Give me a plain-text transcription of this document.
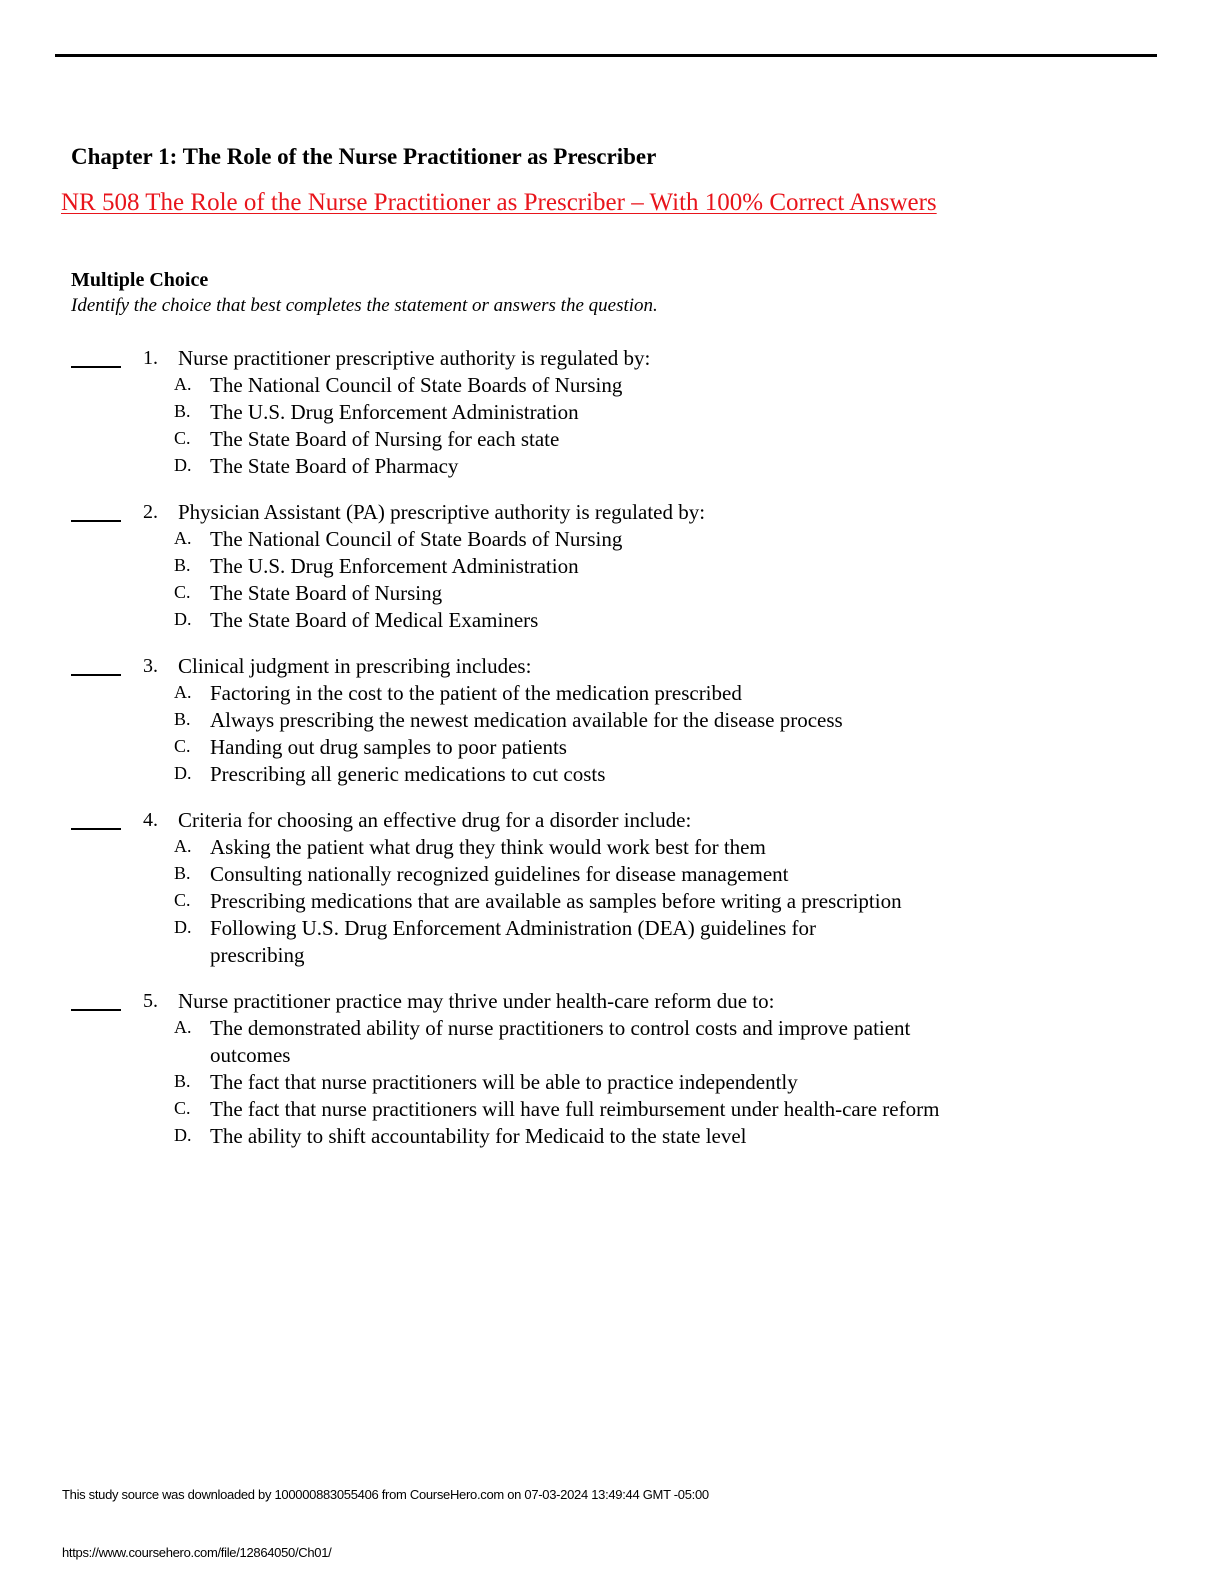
Chapter 1: The Role of the Nurse Practitioner as Prescriber
NR 508 The Role of the Nurse Practitioner as Prescriber – With 100% Correct Answers
Multiple Choice
Identify the choice that best completes the statement or answers the question.
1. Nurse practitioner prescriptive authority is regulated by:
A. The National Council of State Boards of Nursing
B. The U.S. Drug Enforcement Administration
C. The State Board of Nursing for each state
D. The State Board of Pharmacy
2. Physician Assistant (PA) prescriptive authority is regulated by:
A. The National Council of State Boards of Nursing
B. The U.S. Drug Enforcement Administration
C. The State Board of Nursing
D. The State Board of Medical Examiners
3. Clinical judgment in prescribing includes:
A. Factoring in the cost to the patient of the medication prescribed
B. Always prescribing the newest medication available for the disease process
C. Handing out drug samples to poor patients
D. Prescribing all generic medications to cut costs
4. Criteria for choosing an effective drug for a disorder include:
A. Asking the patient what drug they think would work best for them
B. Consulting nationally recognized guidelines for disease management
C. Prescribing medications that are available as samples before writing a prescription
D. Following U.S. Drug Enforcement Administration (DEA) guidelines for prescribing
5. Nurse practitioner practice may thrive under health-care reform due to:
A. The demonstrated ability of nurse practitioners to control costs and improve patient outcomes
B. The fact that nurse practitioners will be able to practice independently
C. The fact that nurse practitioners will have full reimbursement under health-care reform
D. The ability to shift accountability for Medicaid to the state level
This study source was downloaded by 100000883055406 from CourseHero.com on 07-03-2024 13:49:44 GMT -05:00
https://www.coursehero.com/file/12864050/Ch01/
